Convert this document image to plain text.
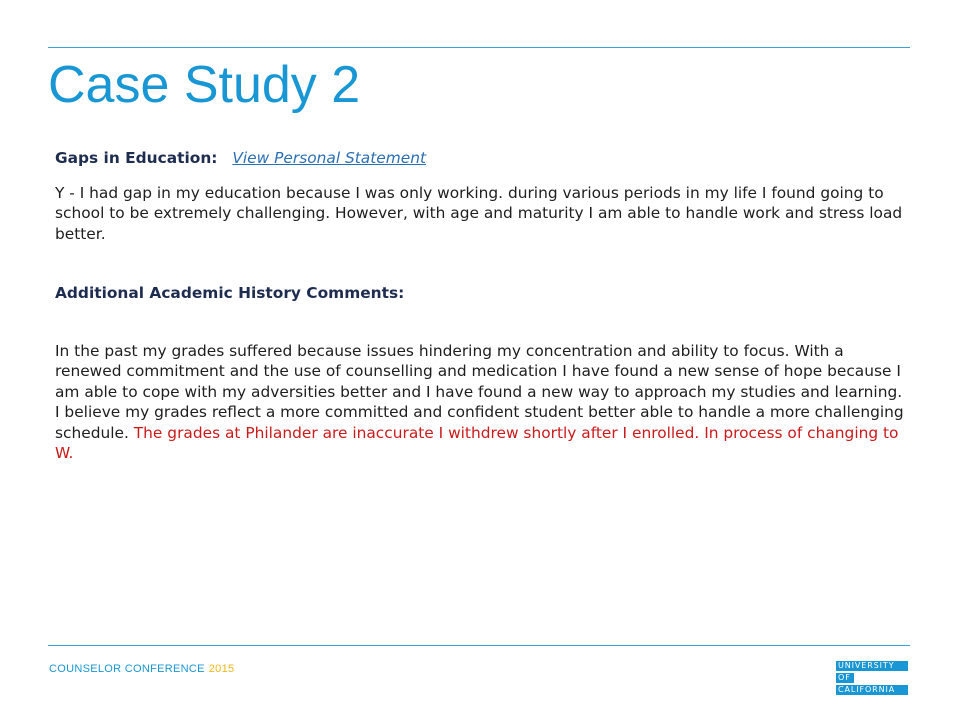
Case Study 2

Gaps in Education: View Personal Statement

Y - I had gap in my education because I was only working. during various periods in my life I found going to school to be extremely challenging. However, with age and maturity I am able to handle work and stress load better.

Additional Academic History Comments:

In the past my grades suffered because issues hindering my concentration and ability to focus. With a renewed commitment and the use of counselling and medication I have found a new sense of hope because I am able to cope with my adversities better and I have found a new way to approach my studies and learning. I believe my grades reflect a more committed and confident student better able to handle a more challenging schedule. The grades at Philander are inaccurate I withdrew shortly after I enrolled. In process of changing to W.

COUNSELOR CONFERENCE 2015	UNIVERSITY
OF
CALIFORNIA
